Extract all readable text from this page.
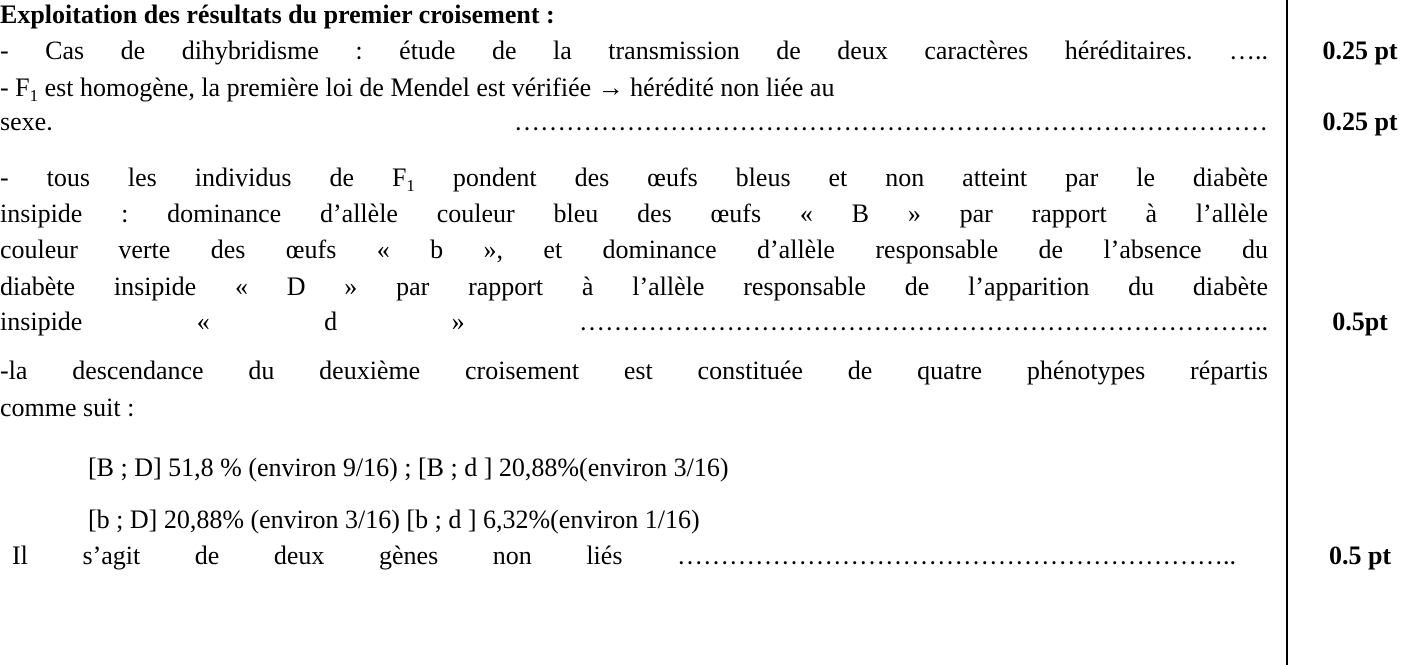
Exploitation des résultats du premier croisement :
- Cas de dihybridisme : étude de la transmission de deux caractères héréditaires. …..
- $F_1$ est homogène, la première loi de Mendel est vérifiée → hérédité non liée au
sexe. ……………………………………………………………………………
- tous les individus de $F_1$ pondent des œufs bleus et non atteint par le diabète
insipide : dominance d’allèle couleur bleu des œufs « B » par rapport à l’allèle
couleur verte des œufs « b », et dominance d’allèle responsable de l’absence du
diabète insipide « D » par rapport à l’allèle responsable de l’apparition du diabète
insipide « d » ……………………………………………………………………..
-la descendance du deuxième croisement est constituée de quatre phénotypes répartis
comme suit :
[B ; D] 51,8 % (environ 9/16) ; [B ; d ] 20,88%(environ 3/16)
[b ; D] 20,88% (environ 3/16) [b ; d ] 6,32%(environ 1/16)
Il s’agit de deux gènes non liés ………………………………………………………..
0.25 pt
0.25 pt
0.5pt
0.5 pt
